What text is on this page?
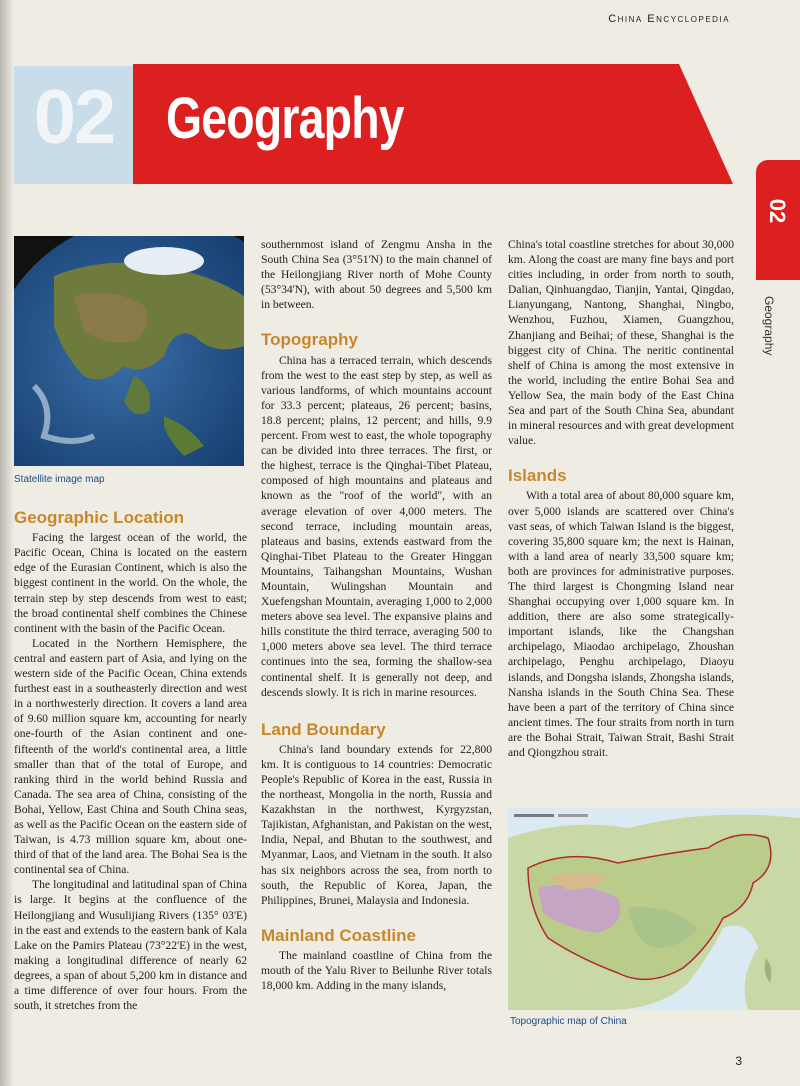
China Encyclopedia
02 Geography
02
Geography
Statellite image map
Geographic Location

Facing the largest ocean of the world, the Pacific Ocean, China is located on the eastern edge of the Eurasian Continent, which is also the biggest continent in the world. On the whole, the terrain step by step descends from west to east; the broad continental shelf combines the Chinese continent with the basin of the Pacific Ocean.

Located in the Northern Hemisphere, the central and eastern part of Asia, and lying on the western side of the Pacific Ocean, China extends furthest east in a southeasterly direction and west in a northwesterly direction. It covers a land area of 9.60 million square km, accounting for nearly one-fourth of the Asian continent and one-fifteenth of the world's continental area, a little smaller than that of the total of Europe, and ranking third in the world behind Russia and Canada. The sea area of China, consisting of the Bohai, Yellow, East China and South China seas, as well as the Pacific Ocean on the eastern side of Taiwan, is 4.73 million square km, about one-third of that of the land area. The Bohai Sea is the continental sea of China.

The longitudinal and latitudinal span of China is large. It begins at the confluence of the Heilongjiang and Wusulijiang Rivers (135° 03'E) in the east and extends to the eastern bank of Kala Lake on the Pamirs Plateau (73°22'E) in the west, making a longitudinal difference of nearly 62 degrees, a span of about 5,200 km in distance and a time difference of over four hours. From the south, it stretches from the

southernmost island of Zengmu Ansha in the South China Sea (3°51'N) to the main channel of the Heilongjiang River north of Mohe County (53°34'N), with about 50 degrees and 5,500 km in between.

Topography

China has a terraced terrain, which descends from the west to the east step by step, as well as various landforms, of which mountains account for 33.3 percent; plateaus, 26 percent; basins, 18.8 percent; plains, 12 percent; and hills, 9.9 percent. From west to east, the whole topography can be divided into three terraces. The first, or the highest, terrace is the Qinghai-Tibet Plateau, composed of high mountains and plateaus and known as the "roof of the world", with an average elevation of over 4,000 meters. The second terrace, including mountain areas, plateaus and basins, extends eastward from the Qinghai-Tibet Plateau to the Greater Hinggan Mountains, Taihangshan Mountains, Wushan Mountain, Wulingshan Mountain and Xuefengshan Mountain, averaging 1,000 to 2,000 meters above sea level. The expansive plains and hills constitute the third terrace, averaging 500 to 1,000 meters above sea level. The third terrace continues into the sea, forming the shallow-sea continental shelf. It is generally not deep, and descends slowly. It is rich in marine resources.

Land Boundary

China's land boundary extends for 22,800 km. It is contiguous to 14 countries: Democratic People's Republic of Korea in the east, Russia in the northeast, Mongolia in the north, Russia and Kazakhstan in the northwest, Kyrgyzstan, Tajikistan, Afghanistan, and Pakistan on the west, India, Nepal, and Bhutan to the southwest, and Myanmar, Laos, and Vietnam in the south. It also has six neighbors across the sea, from north to south, the Republic of Korea, Japan, the Philippines, Brunei, Malaysia and Indonesia.

Mainland Coastline

The mainland coastline of China from the mouth of the Yalu River to Beilunhe River totals 18,000 km. Adding in the many islands,

China's total coastline stretches for about 30,000 km. Along the coast are many fine bays and port cities including, in order from north to south, Dalian, Qinhuangdao, Tianjin, Yantai, Qingdao, Lianyungang, Nantong, Shanghai, Ningbo, Wenzhou, Fuzhou, Xiamen, Guangzhou, Zhanjiang and Beihai; of these, Shanghai is the biggest city of China. The neritic continental shelf of China is among the most extensive in the world, including the entire Bohai Sea and Yellow Sea, the main body of the East China Sea and part of the South China Sea, abundant in mineral resources and with great development value.

Islands

With a total area of about 80,000 square km, over 5,000 islands are scattered over China's vast seas, of which Taiwan Island is the biggest, covering 35,800 square km; the next is Hainan, with a land area of nearly 33,500 square km; both are provinces for administrative purposes. The third largest is Chongming Island near Shanghai occupying over 1,000 square km. In addition, there are also some strategically-important islands, like the Changshan archipelago, Miaodao archipelago, Zhoushan archipelago, Penghu archipelago, Diaoyu islands, and Dongsha islands, Zhongsha islands, Nansha islands in the South China Sea. These have been a part of the territory of China since ancient times. The four straits from north in turn are the Bohai Strait, Taiwan Strait, Bashi Strait and Qiongzhou strait.

Topographic map of China
3
